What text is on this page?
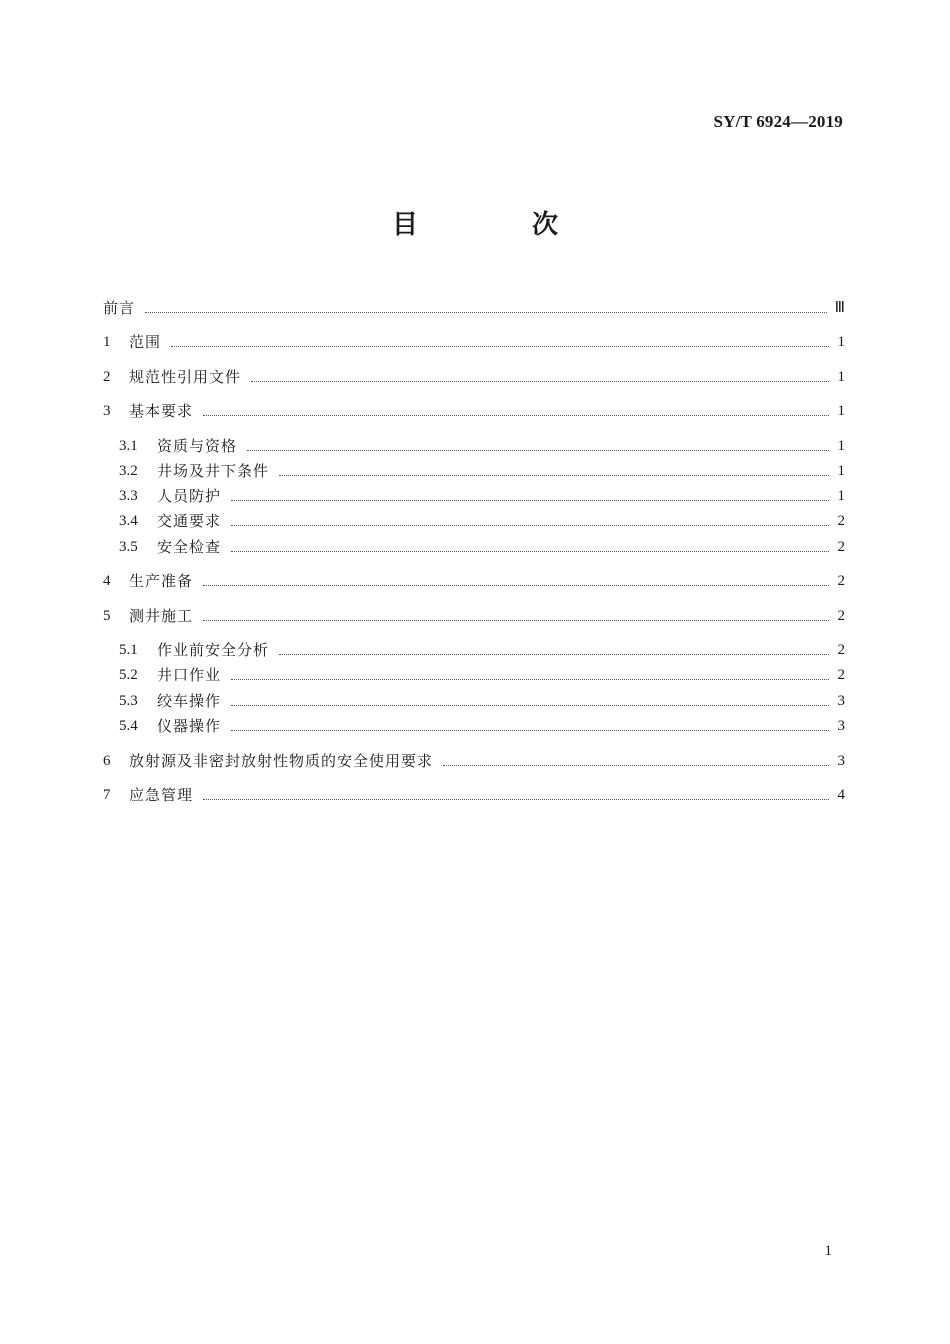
SY/T 6924—2019
目　次
前言	Ⅲ
1	范围	1
2	规范性引用文件	1
3	基本要求	1
3.1	资质与资格	1
3.2	井场及井下条件	1
3.3	人员防护	1
3.4	交通要求	2
3.5	安全检查	2
4	生产准备	2
5	测井施工	2
5.1	作业前安全分析	2
5.2	井口作业	2
5.3	绞车操作	3
5.4	仪器操作	3
6	放射源及非密封放射性物质的安全使用要求	3
7	应急管理	4
1
